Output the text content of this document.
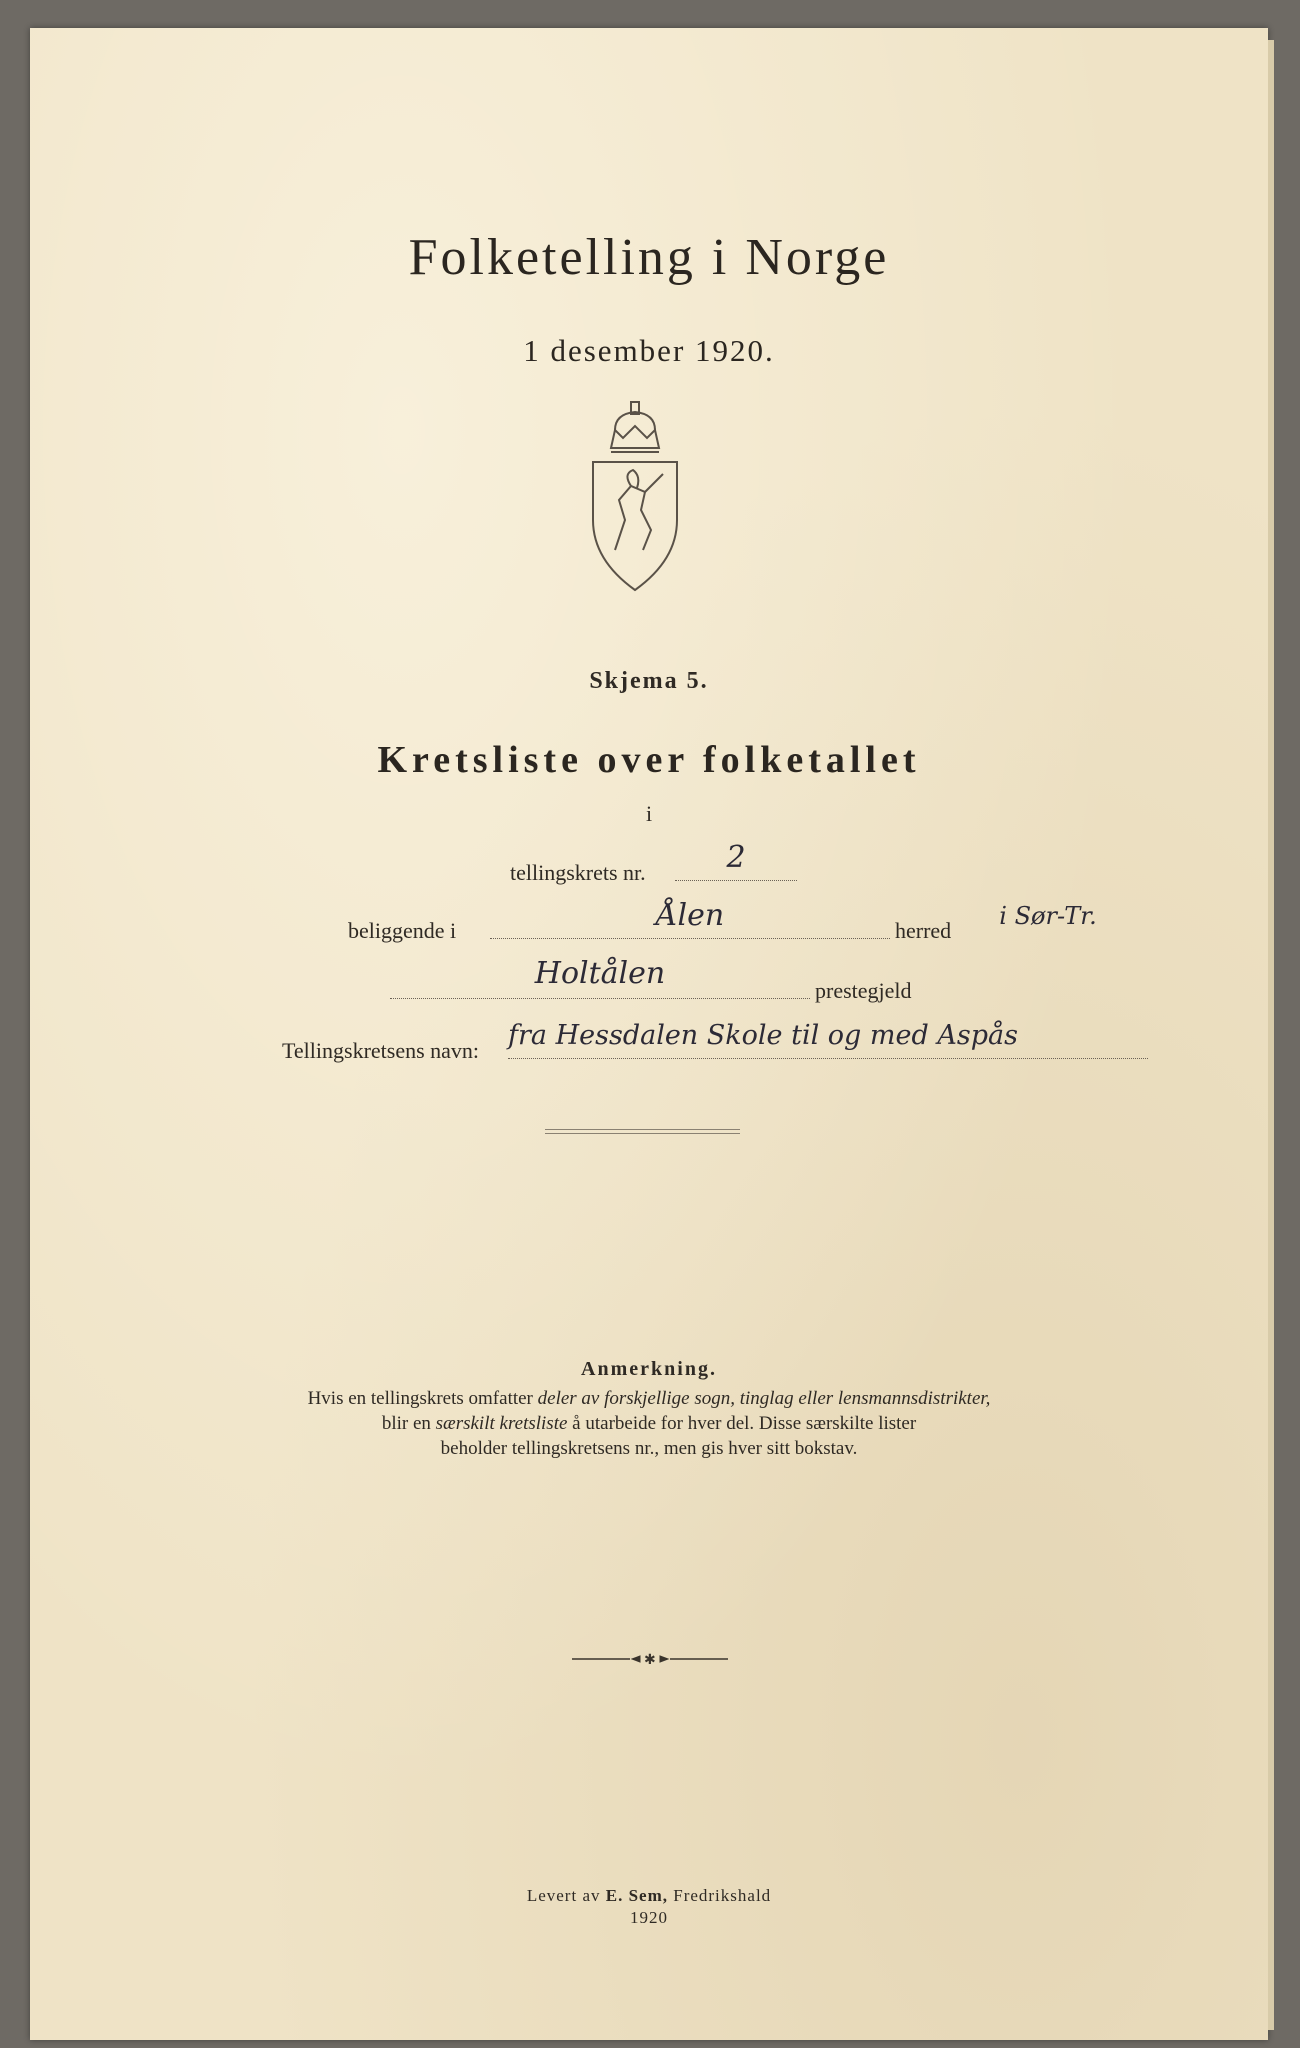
Folketelling i Norge
1 desember 1920.
Skjema 5.
Kretsliste over folketallet
i
tellingskrets nr.	2
beliggende i	Ålen	herred
i Sør-Tr.
Holtålen	prestegjeld
Tellingskretsens navn: fra Hessdalen Skole til og med Aspås
Anmerkning.
Hvis en tellingskrets omfatter deler av forskjellige sogn, tinglag eller lensmannsdistrikter,
blir en særskilt kretsliste å utarbeide for hver del. Disse særskilte lister
beholder tellingskretsens nr., men gis hver sitt bokstav.
✱
Levert av E. Sem, Fredrikshald
1920
